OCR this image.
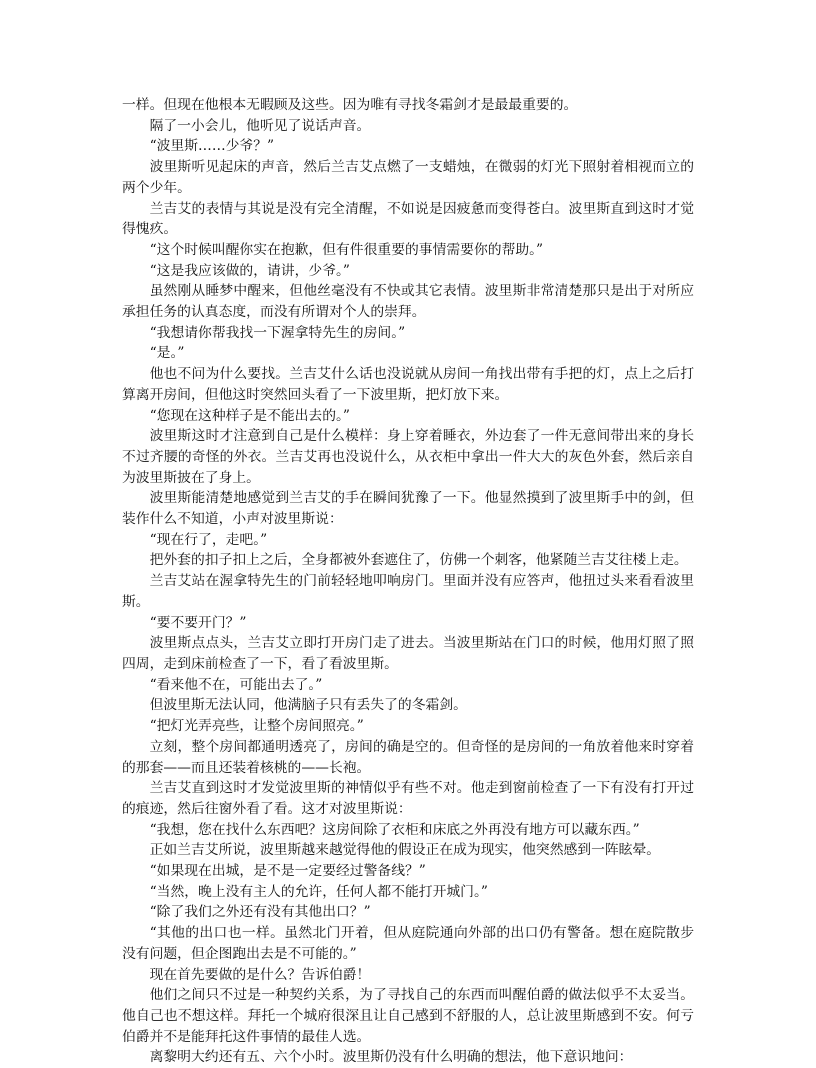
一样。但现在他根本无暇顾及这些。因为唯有寻找冬霜剑才是最最重要的。

隔了一小会儿，他听见了说话声音。

“波里斯……少爷？”

波里斯听见起床的声音，然后兰吉艾点燃了一支蜡烛，在微弱的灯光下照射着相视而立的两个少年。

兰吉艾的表情与其说是没有完全清醒，不如说是因疲惫而变得苍白。波里斯直到这时才觉得愧疚。

“这个时候叫醒你实在抱歉，但有件很重要的事情需要你的帮助。”

“这是我应该做的，请讲，少爷。”

虽然刚从睡梦中醒来，但他丝毫没有不快或其它表情。波里斯非常清楚那只是出于对所应承担任务的认真态度，而没有所谓对个人的崇拜。

“我想请你帮我找一下渥拿特先生的房间。”

“是。”

他也不问为什么要找。兰吉艾什么话也没说就从房间一角找出带有手把的灯，点上之后打算离开房间，但他这时突然回头看了一下波里斯，把灯放下来。

“您现在这种样子是不能出去的。”

波里斯这时才注意到自己是什么模样：身上穿着睡衣，外边套了一件无意间带出来的身长不过齐腰的奇怪的外衣。兰吉艾再也没说什么，从衣柜中拿出一件大大的灰色外套，然后亲自为波里斯披在了身上。

波里斯能清楚地感觉到兰吉艾的手在瞬间犹豫了一下。他显然摸到了波里斯手中的剑，但装作什么不知道，小声对波里斯说：

“现在行了，走吧。”

把外套的扣子扣上之后，全身都被外套遮住了，仿佛一个刺客，他紧随兰吉艾往楼上走。

兰吉艾站在渥拿特先生的门前轻轻地叩响房门。里面并没有应答声，他扭过头来看看波里斯。

“要不要开门？”

波里斯点点头，兰吉艾立即打开房门走了进去。当波里斯站在门口的时候，他用灯照了照四周，走到床前检查了一下，看了看波里斯。

“看来他不在，可能出去了。”

但波里斯无法认同，他满脑子只有丢失了的冬霜剑。

“把灯光弄亮些，让整个房间照亮。”

立刻，整个房间都通明透亮了，房间的确是空的。但奇怪的是房间的一角放着他来时穿着的那套——而且还装着核桃的——长袍。

兰吉艾直到这时才发觉波里斯的神情似乎有些不对。他走到窗前检查了一下有没有打开过的痕迹，然后往窗外看了看。这才对波里斯说：

“我想，您在找什么东西吧？这房间除了衣柜和床底之外再没有地方可以藏东西。”

正如兰吉艾所说，波里斯越来越觉得他的假设正在成为现实，他突然感到一阵眩晕。

“如果现在出城，是不是一定要经过警备线？”

“当然，晚上没有主人的允许，任何人都不能打开城门。”

“除了我们之外还有没有其他出口？”

“其他的出口也一样。虽然北门开着，但从庭院通向外部的出口仍有警备。想在庭院散步没有问题，但企图跑出去是不可能的。”

现在首先要做的是什么？告诉伯爵！

他们之间只不过是一种契约关系，为了寻找自己的东西而叫醒伯爵的做法似乎不太妥当。他自己也不想这样。拜托一个城府很深且让自己感到不舒服的人，总让波里斯感到不安。何亏伯爵并不是能拜托这件事情的最佳人选。

离黎明大约还有五、六个小时。波里斯仍没有什么明确的想法，他下意识地问：
